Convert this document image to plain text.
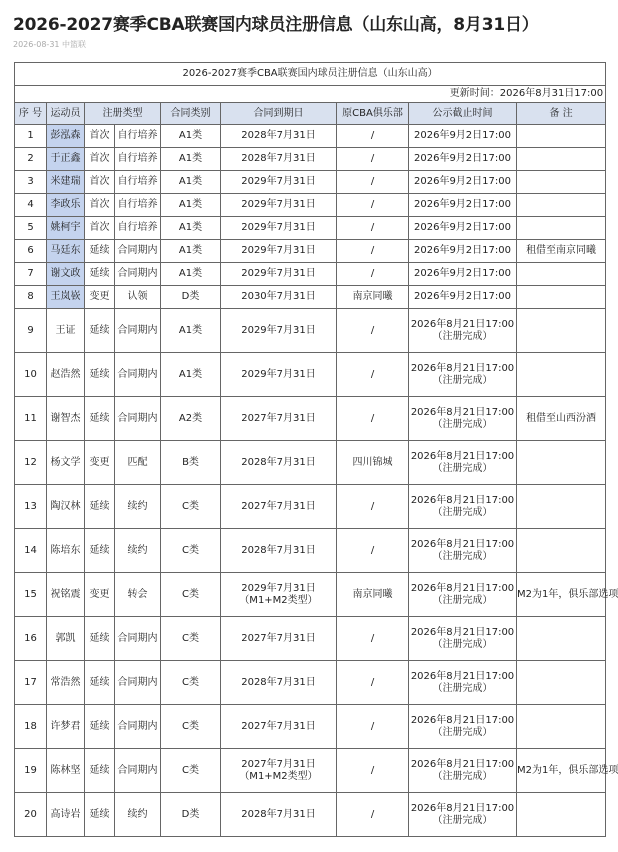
2026-2027赛季CBA联赛国内球员注册信息（山东山高，8月31日）
2026-08-31 中篮联
2026-2027赛季CBA联赛国内球员注册信息（山东山高）								
更新时间：2026年8月31日17:00								
序 号	运动员	注册类型		合同类别	合同到期日	原CBA俱乐部	公示截止时间	备 注
1	彭泓森	首次	自行培养	A1类	2028年7月31日	/	2026年9月2日17:00	

2	于正鑫	首次	自行培养	A1类	2028年7月31日	/	2026年9月2日17:00	

3	米建瑞	首次	自行培养	A1类	2029年7月31日	/	2026年9月2日17:00	

4	李政乐	首次	自行培养	A1类	2029年7月31日	/	2026年9月2日17:00	

5	姚柯宇	首次	自行培养	A1类	2029年7月31日	/	2026年9月2日17:00	

6	马廷东	延续	合同期内	A1类	2029年7月31日	/	2026年9月2日17:00	租借至南京同曦
7	谢文政	延续	合同期内	A1类	2029年7月31日	/	2026年9月2日17:00	

8	王岚嵚	变更	认领	D类	2030年7月31日	南京同曦	2026年9月2日17:00	

9	王证	延续	合同期内	A1类	2029年7月31日	/	2026年8月21日17:00
（注册完成）	

10	赵浩然	延续	合同期内	A1类	2029年7月31日	/	2026年8月21日17:00
（注册完成）	

11	谢智杰	延续	合同期内	A2类	2027年7月31日	/	2026年8月21日17:00
（注册完成）	租借至山西汾酒
12	杨文学	变更	匹配	B类	2028年7月31日	四川锦城	2026年8月21日17:00
（注册完成）	

13	陶汉林	延续	续约	C类	2027年7月31日	/	2026年8月21日17:00
（注册完成）	

14	陈培东	延续	续约	C类	2028年7月31日	/	2026年8月21日17:00
（注册完成）	

15	祝铭震	变更	转会	C类	2029年7月31日
（M1+M2类型）	南京同曦	2026年8月21日17:00
（注册完成）	M2为1年，俱乐部选项
16	郭凯	延续	合同期内	C类	2027年7月31日	/	2026年8月21日17:00
（注册完成）	

17	常浩然	延续	合同期内	C类	2028年7月31日	/	2026年8月21日17:00
（注册完成）	

18	许梦君	延续	合同期内	C类	2027年7月31日	/	2026年8月21日17:00
（注册完成）	

19	陈林坚	延续	合同期内	C类	2027年7月31日
（M1+M2类型）	/	2026年8月21日17:00
（注册完成）	M2为1年，俱乐部选项
20	高诗岩	延续	续约	D类	2028年7月31日	/	2026年8月21日17:00
（注册完成）	
